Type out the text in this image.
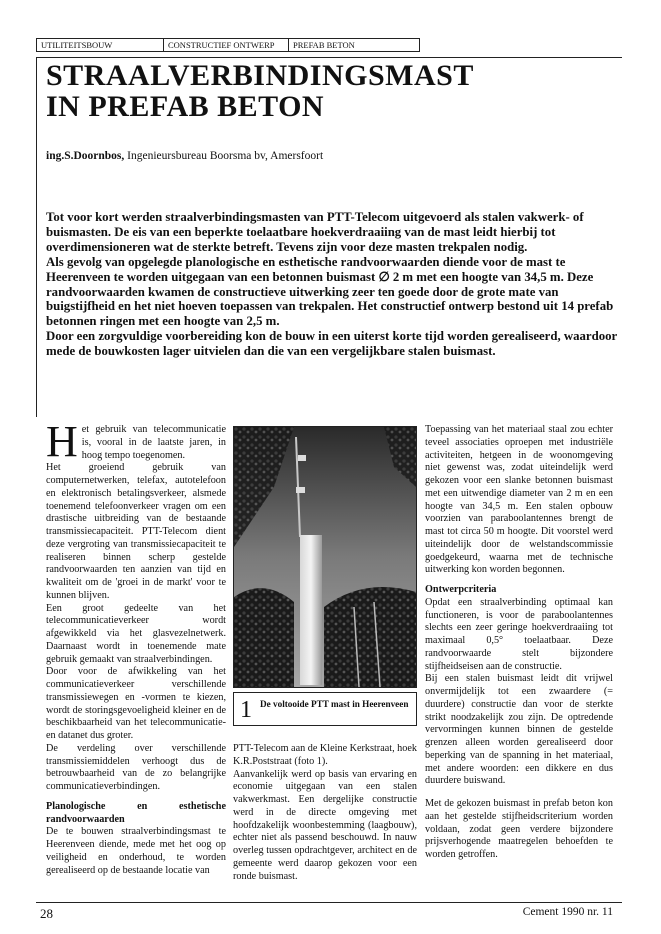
UTILITEITSBOUW	CONSTRUCTIEF ONTWERP	PREFAB BETON
STRAALVERBINDINGSMAST
IN PREFAB BETON
ing.S.Doornbos, Ingenieursbureau Boorsma bv, Amersfoort

Tot voor kort werden straalverbindingsmasten van PTT-Telecom uitgevoerd als stalen vakwerk- of buismasten. De eis van een beperkte toelaatbare hoekverdraaiing van de mast leidt hierbij tot overdimensioneren wat de sterkte betreft. Tevens zijn voor deze masten trekpalen nodig.

Als gevolg van opgelegde planologische en esthetische randvoorwaarden diende voor de mast te Heerenveen te worden uitgegaan van een betonnen buismast ∅ 2 m met een hoogte van 34,5 m. Deze randvoorwaarden kwamen de constructieve uitwerking zeer ten goede door de grote mate van buigstijfheid en het niet hoeven toepassen van trekpalen. Het constructief ontwerp bestond uit 14 prefab betonnen ringen met een hoogte van 2,5 m.

Door een zorgvuldige voorbereiding kon de bouw in een uiterst korte tijd worden gerealiseerd, waardoor mede de bouwkosten lager uitvielen dan die van een vergelijkbare stalen buismast.

Het gebruik van telecommunicatie is, vooral in de laatste jaren, in hoog tempo toegenomen.

Het groeiend gebruik van computernetwerken, telefax, autotelefoon en elektronisch betalingsverkeer, alsmede toenemend telefoonverkeer vragen om een drastische uitbreiding van de bestaande transmissiecapaciteit. PTT-Telecom dient deze vergroting van transmissiecapaciteit te realiseren binnen scherp gestelde randvoorwaarden ten aanzien van tijd en kwaliteit om de 'groei in de markt' voor te kunnen blijven.

Een groot gedeelte van het telecommunicatieverkeer wordt afgewikkeld via het glasvezelnetwerk. Daarnaast wordt in toenemende mate gebruik gemaakt van straalverbindingen.

Door voor de afwikkeling van het communicatieverkeer verschillende transmissiewegen en -vormen te kiezen, wordt de storingsgevoeligheid kleiner en de beschikbaarheid van het telecommunicatie- en datanet dus groter.

De verdeling over verschillende transmissiemiddelen verhoogt dus de betrouwbaarheid van de zo belangrijke communicatieverbindingen.

Planologische en esthetische randvoorwaarden

De te bouwen straalverbindingsmast te Heerenveen diende, mede met het oog op veiligheid en onderhoud, te worden gerealiseerd op de bestaande locatie van

1 De voltooide PTT mast in Heerenveen

PTT-Telecom aan de Kleine Kerkstraat, hoek K.R.Poststraat (foto 1).

Aanvankelijk werd op basis van ervaring en economie uitgegaan van een stalen vakwerkmast. Een dergelijke constructie werd in de directe omgeving met hoofdzakelijk woonbestemming (laagbouw), echter niet als passend beschouwd. In nauw overleg tussen opdrachtgever, architect en de gemeente werd daarop gekozen voor een ronde buismast.

Toepassing van het materiaal staal zou echter teveel associaties oproepen met industriële activiteiten, hetgeen in de woonomgeving niet gewenst was, zodat uiteindelijk werd gekozen voor een slanke betonnen buismast met een uitwendige diameter van 2 m en een hoogte van 34,5 m. Een stalen opbouw voorzien van paraboolantennes brengt de mast tot circa 50 m hoogte. Dit voorstel werd uiteindelijk door de welstandscommissie goedgekeurd, waarna met de technische uitwerking kon worden begonnen.

Ontwerpcriteria

Opdat een straalverbinding optimaal kan functioneren, is voor de paraboolantennes slechts een zeer geringe hoekverdraaiing tot maximaal 0,5° toelaatbaar. Deze randvoorwaarde stelt bijzondere stijfheidseisen aan de constructie.

Bij een stalen buismast leidt dit vrijwel onvermijdelijk tot een zwaardere (= duurdere) constructie dan voor de sterkte strikt noodzakelijk zou zijn. De optredende vervormingen kunnen binnen de gestelde grenzen alleen worden gerealiseerd door beperking van de spanning in het materiaal, met andere woorden: een dikkere en dus duurdere buiswand.

Met de gekozen buismast in prefab beton kon aan het gestelde stijfheidscriterium worden voldaan, zodat geen verdere bijzondere prijsverhogende maatregelen behoefden te worden getroffen.

28	Cement 1990 nr. 11
